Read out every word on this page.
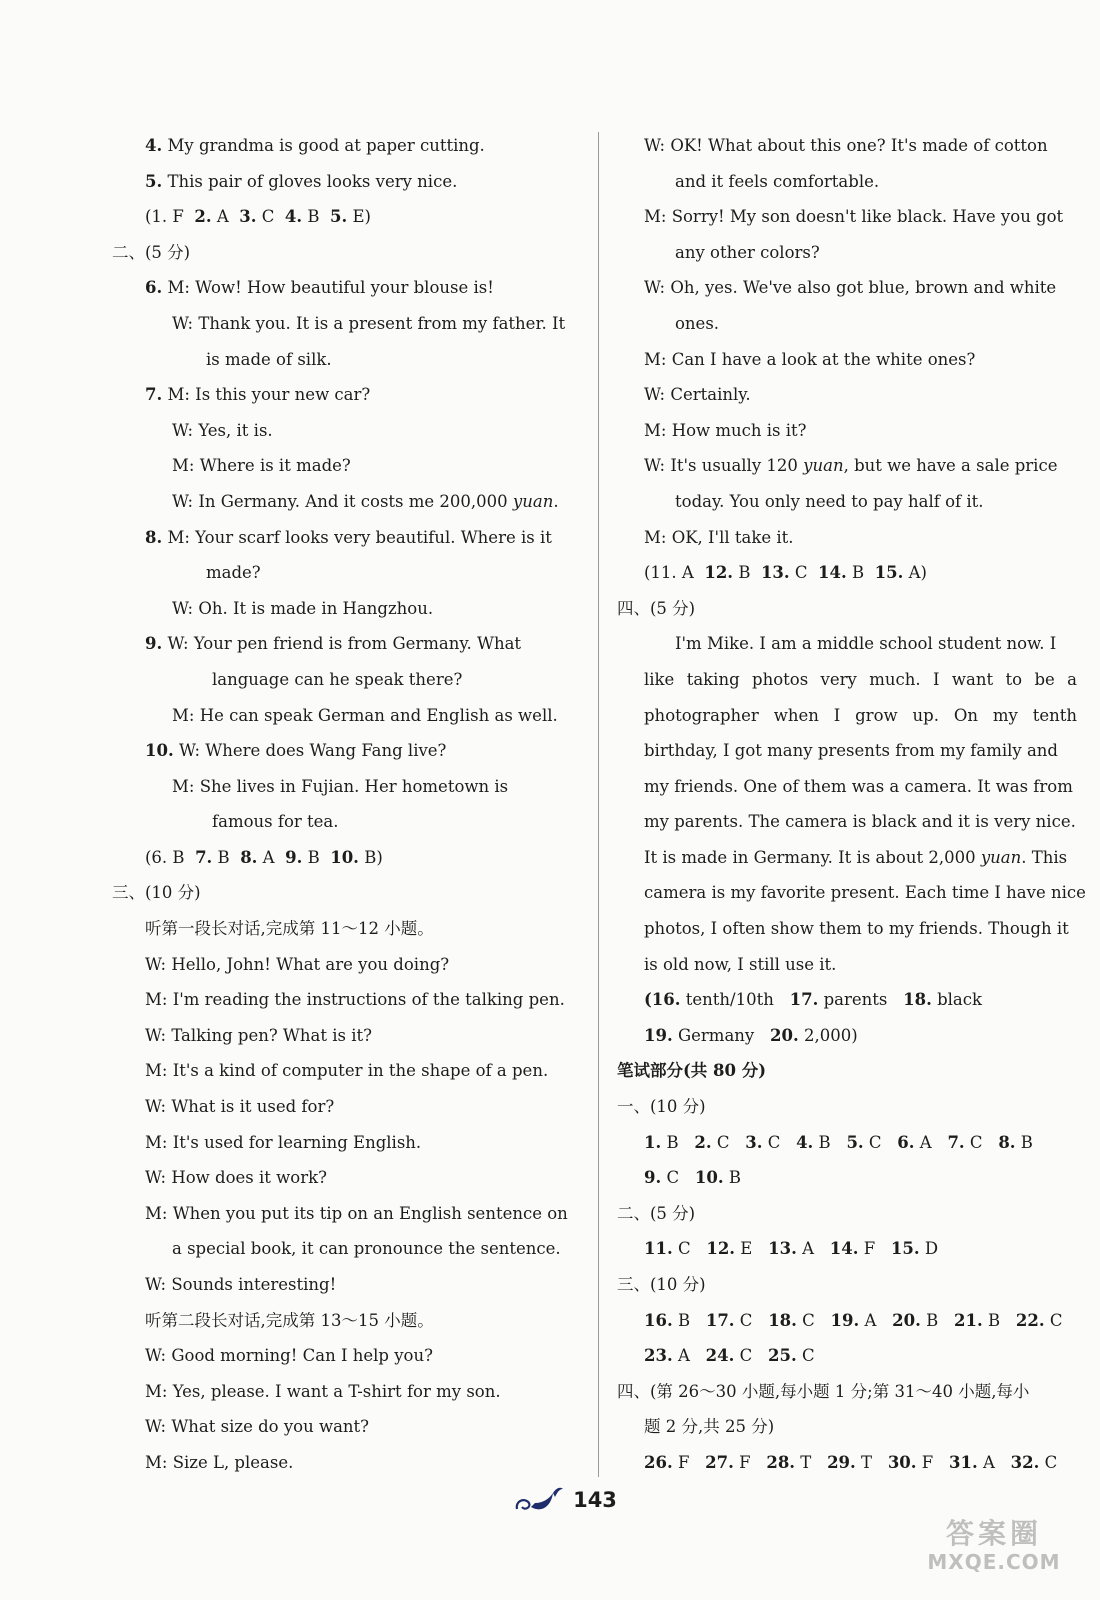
4. My grandma is good at paper cutting.
5. This pair of gloves looks very nice.
(1. F 2. A 3. C 4. B 5. E)
二、(5 分)
6. M: Wow! How beautiful your blouse is!
W: Thank you. It is a present from my father. It
is made of silk.
7. M: Is this your new car?
W: Yes, it is.
M: Where is it made?
W: In Germany. And it costs me 200,000 yuan.
8. M: Your scarf looks very beautiful. Where is it
made?
W: Oh. It is made in Hangzhou.
9. W: Your pen friend is from Germany. What
language can he speak there?
M: He can speak German and English as well.
10. W: Where does Wang Fang live?
M: She lives in Fujian. Her hometown is
famous for tea.
(6. B 7. B 8. A 9. B 10. B)
三、(10 分)
听第一段长对话,完成第 11～12 小题。
W: Hello, John! What are you doing?
M: I'm reading the instructions of the talking pen.
W: Talking pen? What is it?
M: It's a kind of computer in the shape of a pen.
W: What is it used for?
M: It's used for learning English.
W: How does it work?
M: When you put its tip on an English sentence on
a special book, it can pronounce the sentence.
W: Sounds interesting!
听第二段长对话,完成第 13～15 小题。
W: Good morning! Can I help you?
M: Yes, please. I want a T-shirt for my son.
W: What size do you want?
M: Size L, please.
W: OK! What about this one? It's made of cotton
and it feels comfortable.
M: Sorry! My son doesn't like black. Have you got
any other colors?
W: Oh, yes. We've also got blue, brown and white
ones.
M: Can I have a look at the white ones?
W: Certainly.
M: How much is it?
W: It's usually 120 yuan, but we have a sale price
today. You only need to pay half of it.
M: OK, I'll take it.
(11. A 12. B 13. C 14. B 15. A)
四、(5 分)
I'm Mike. I am a middle school student now. I
like taking photos very much. I want to be a
photographer when I grow up. On my tenth
birthday, I got many presents from my family and
my friends. One of them was a camera. It was from
my parents. The camera is black and it is very nice.
It is made in Germany. It is about 2,000 yuan. This
camera is my favorite present. Each time I have nice
photos, I often show them to my friends. Though it
is old now, I still use it.
(16. tenth/10th 17. parents 18. black
19. Germany 20. 2,000)
笔试部分(共 80 分)
一、(10 分)
1. B 2. C 3. C 4. B 5. C 6. A 7. C 8. B
9. C 10. B
二、(5 分)
11. C 12. E 13. A 14. F 15. D
三、(10 分)
16. B 17. C 18. C 19. A 20. B 21. B 22. C
23. A 24. C 25. C
四、(第 26～30 小题,每小题 1 分;第 31～40 小题,每小
题 2 分,共 25 分)
26. F 27. F 28. T 29. T 30. F 31. A 32. C
143
答案圈
MXQE.COM
